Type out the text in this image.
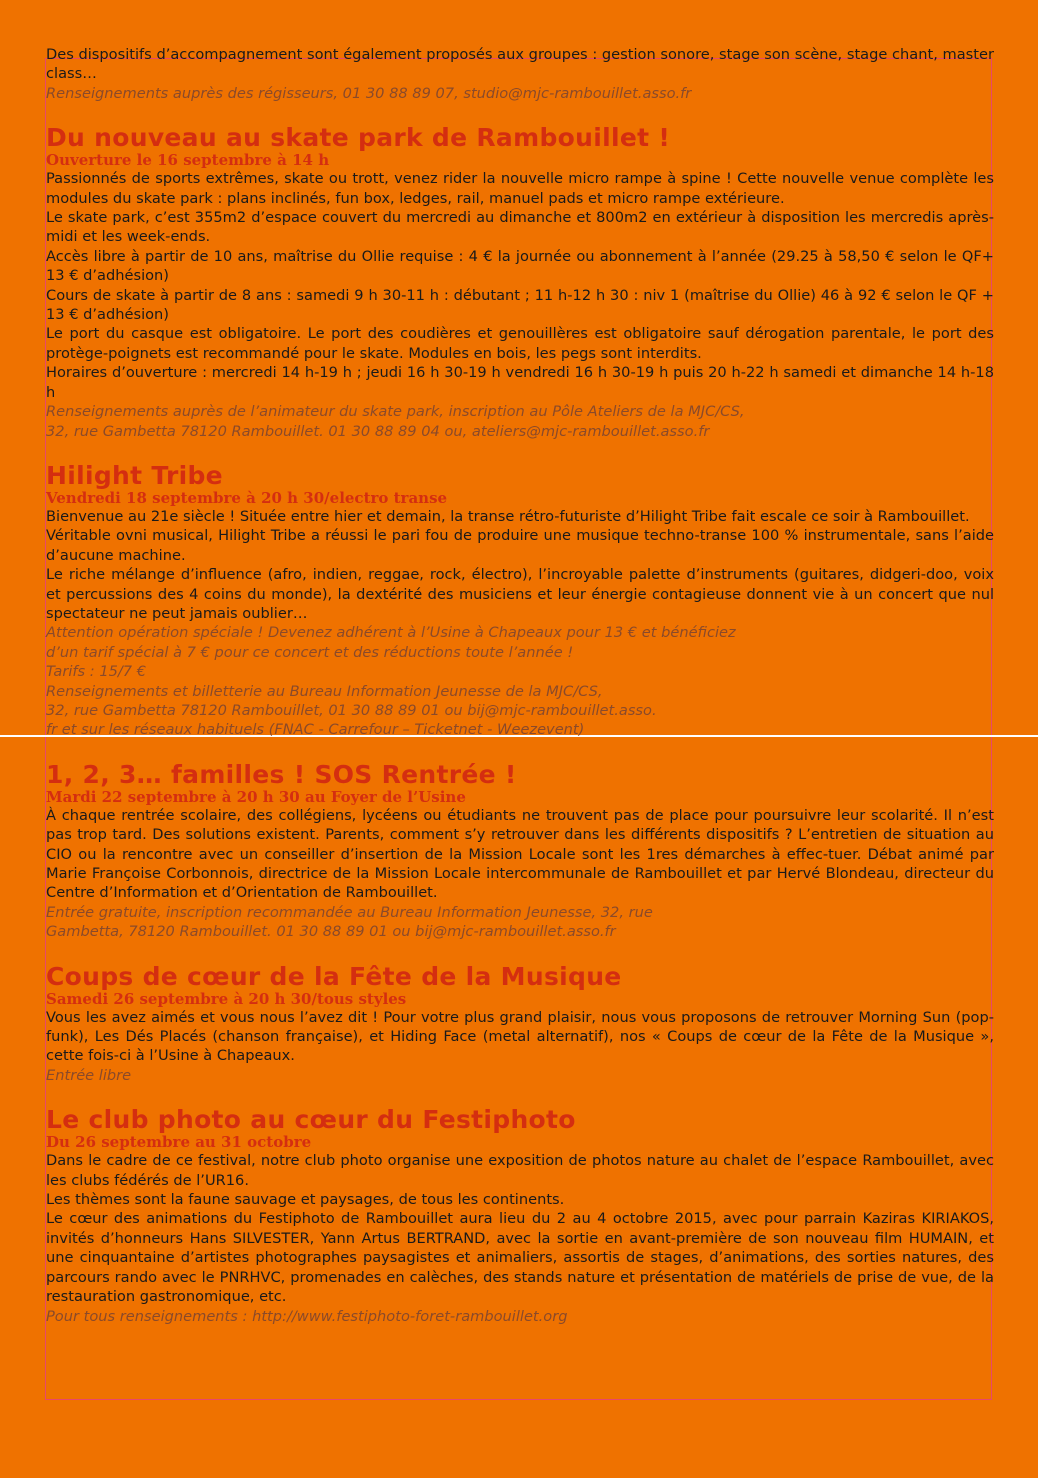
Des dispositifs d’accompagnement sont également proposés aux groupes : gestion sonore, stage son scène, stage chant, master class…

Renseignements auprès des régisseurs, 01 30 88 89 07, studio@mjc-rambouillet.asso.fr

Du nouveau au skate park de Rambouillet !

Ouverture le 16 septembre à 14 h

Passionnés de sports extrêmes, skate ou trott, venez rider la nouvelle micro rampe à spine ! Cette nouvelle venue complète les modules du skate park : plans inclinés, fun box, ledges, rail, manuel pads et micro rampe extérieure.

Le skate park, c’est 355m2 d’espace couvert du mercredi au dimanche et 800m2 en extérieur à disposition les mercredis après-midi et les week-ends.

Accès libre à partir de 10 ans, maîtrise du Ollie requise : 4 € la journée ou abonnement à l’année (29.25 à 58,50 € selon le QF+ 13 € d’adhésion)

Cours de skate à partir de 8 ans : samedi 9 h 30-11 h : débutant ; 11 h-12 h 30 : niv 1 (maîtrise du Ollie) 46 à 92 € selon le QF + 13 € d’adhésion)

Le port du casque est obligatoire. Le port des coudières et genouillères est obligatoire sauf dérogation parentale, le port des protège-poignets est recommandé pour le skate. Modules en bois, les pegs sont interdits.

Horaires d’ouverture : mercredi 14 h-19 h ; jeudi 16 h 30-19 h vendredi 16 h 30-19 h puis 20 h-22 h samedi et dimanche 14 h-18 h

Renseignements auprès de l’animateur du skate park, inscription au Pôle Ateliers de la MJC/CS,

32, rue Gambetta 78120 Rambouillet. 01 30 88 89 04 ou, ateliers@mjc-rambouillet.asso.fr

Hilight Tribe

Vendredi 18 septembre à 20 h 30/electro transe

Bienvenue au 21e siècle ! Située entre hier et demain, la transe rétro-futuriste d’Hilight Tribe fait escale ce soir à Rambouillet.

Véritable ovni musical, Hilight Tribe a réussi le pari fou de produire une musique techno-transe 100 % instrumentale, sans l’aide d’aucune machine.

Le riche mélange d’influence (afro, indien, reggae, rock, électro), l’incroyable palette d’instruments (guitares, didgeri-doo, voix et percussions des 4 coins du monde), la dextérité des musiciens et leur énergie contagieuse donnent vie à un concert que nul spectateur ne peut jamais oublier…

Attention opération spéciale ! Devenez adhérent à l’Usine à Chapeaux pour 13 € et bénéficiez

d’un tarif spécial à 7 € pour ce concert et des réductions toute l’année !

Tarifs : 15/7 €

Renseignements et billetterie au Bureau Information Jeunesse de la MJC/CS,

32, rue Gambetta 78120 Rambouillet, 01 30 88 89 01 ou bij@mjc-rambouillet.asso.

fr et sur les réseaux habituels (FNAC - Carrefour – Ticketnet - Weezevent)

1, 2, 3… familles ! SOS Rentrée !

Mardi 22 septembre à 20 h 30 au Foyer de l’Usine

À chaque rentrée scolaire, des collégiens, lycéens ou étudiants ne trouvent pas de place pour poursuivre leur scolarité. Il n’est pas trop tard. Des solutions existent. Parents, comment s’y retrouver dans les différents dispositifs ? L’entretien de situation au CIO ou la rencontre avec un conseiller d’insertion de la Mission Locale sont les 1res démarches à effec-tuer. Débat animé par Marie Françoise Corbonnois, directrice de la Mission Locale intercommunale de Rambouillet et par Hervé Blondeau, directeur du Centre d’Information et d’Orientation de Rambouillet.

Entrée gratuite, inscription recommandée au Bureau Information Jeunesse, 32, rue

Gambetta, 78120 Rambouillet. 01 30 88 89 01 ou bij@mjc-rambouillet.asso.fr

Coups de cœur de la Fête de la Musique

Samedi 26 septembre à 20 h 30/tous styles

Vous les avez aimés et vous nous l’avez dit ! Pour votre plus grand plaisir, nous vous proposons de retrouver Morning Sun (pop-funk), Les Dés Placés (chanson française), et Hiding Face (metal alternatif), nos « Coups de cœur de la Fête de la Musique », cette fois-ci à l’Usine à Chapeaux.

Entrée libre

Le club photo au cœur du Festiphoto

Du 26 septembre au 31 octobre

Dans le cadre de ce festival, notre club photo organise une exposition de photos nature au chalet de l’espace Rambouillet, avec les clubs fédérés de l’UR16.

Les thèmes sont la faune sauvage et paysages, de tous les continents.

Le cœur des animations du Festiphoto de Rambouillet aura lieu du 2 au 4 octobre 2015, avec pour parrain Kaziras KIRIAKOS, invités d’honneurs Hans SILVESTER, Yann Artus BERTRAND, avec la sortie en avant-première de son nouveau film HUMAIN, et une cinquantaine d’artistes photographes paysagistes et animaliers, assortis de stages, d’animations, des sorties natures, des parcours rando avec le PNRHVC, promenades en calèches, des stands nature et présentation de matériels de prise de vue, de la restauration gastronomique, etc.

Pour tous renseignements : http://www.festiphoto-foret-rambouillet.org
